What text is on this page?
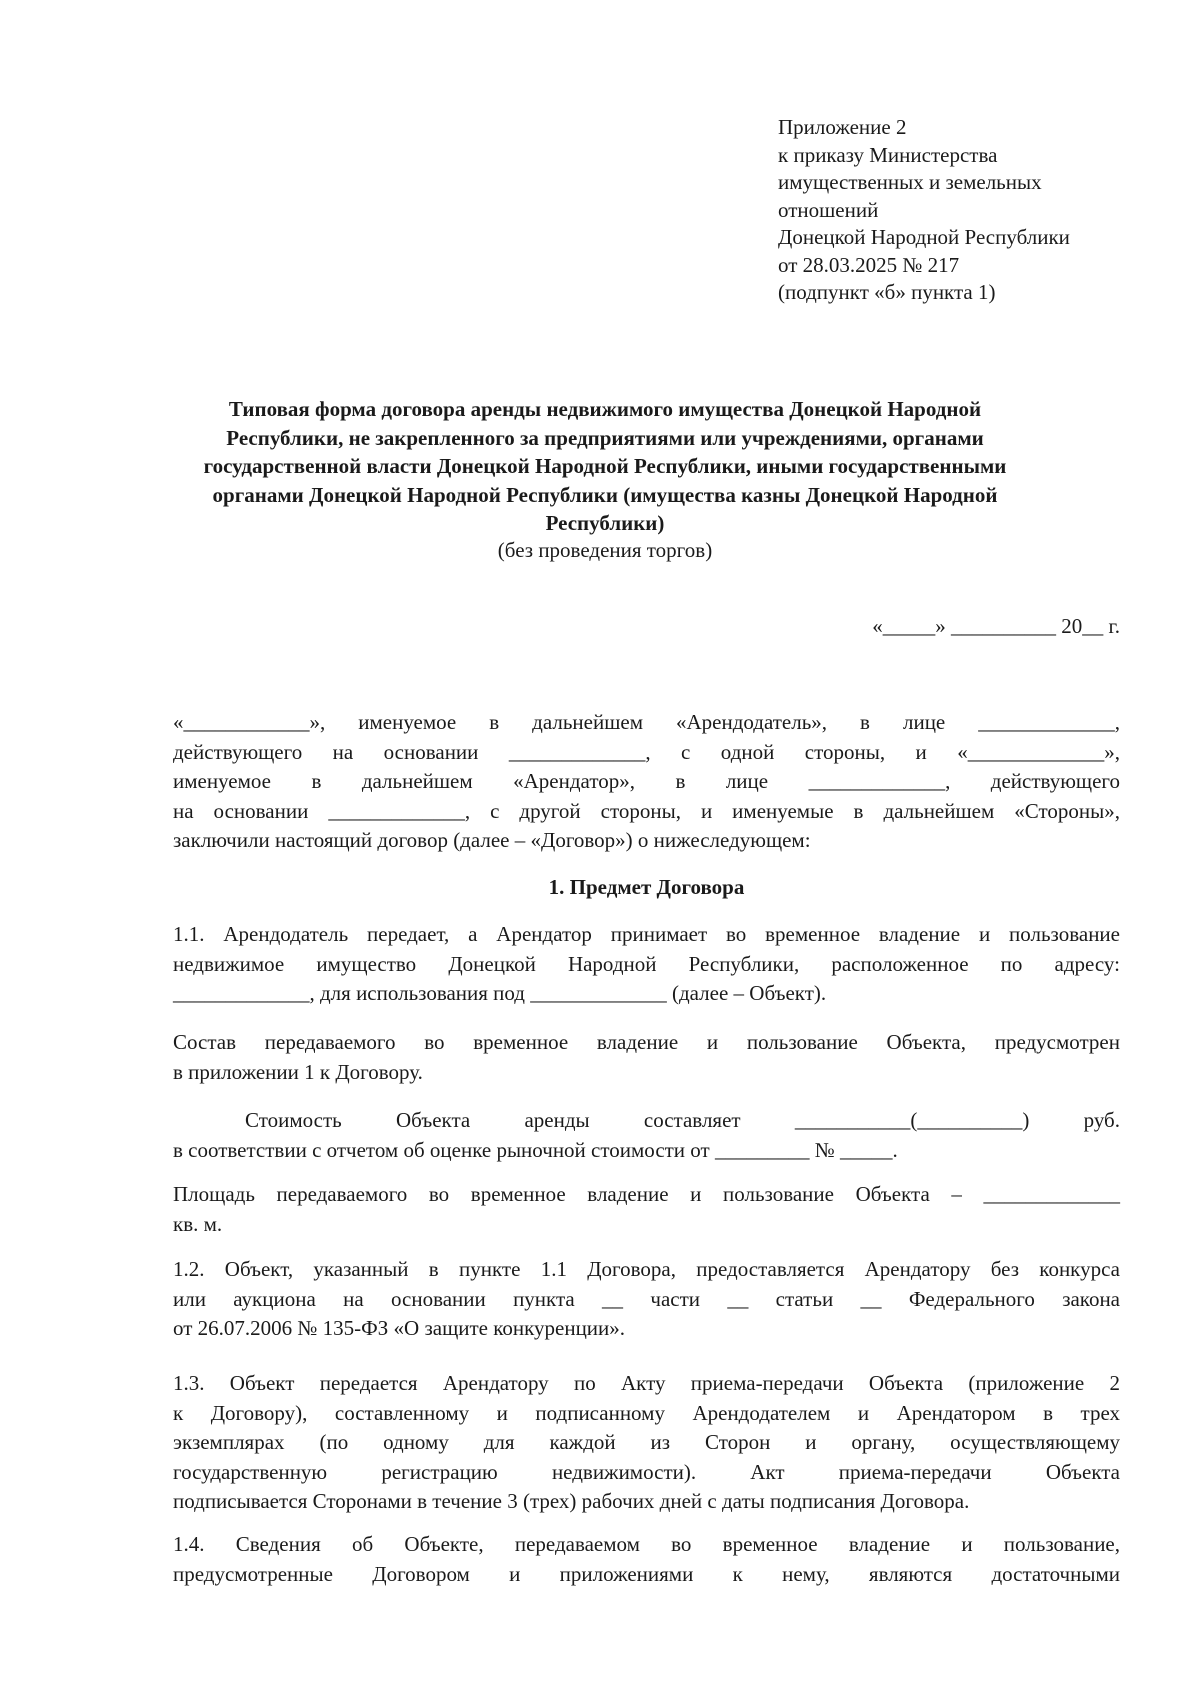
Приложение 2
к приказу Министерства
имущественных и земельных
отношений
Донецкой Народной Республики
от 28.03.2025 № 217
(подпункт «б» пункта 1)
Типовая форма договора аренды недвижимого имущества Донецкой Народной
Республики, не закрепленного за предприятиями или учреждениями, органами
государственной власти Донецкой Народной Республики, иными государственными
органами Донецкой Народной Республики (имущества казны Донецкой Народной
Республики)
(без проведения торгов)
«_____» __________ 20__ г.
«____________», именуемое в дальнейшем «Арендодатель», в лице _____________,
действующего на основании _____________, с одной стороны, и «_____________»,
именуемое в дальнейшем «Арендатор», в лице _____________, действующего
на основании _____________, с другой стороны, и именуемые в дальнейшем «Стороны»,
заключили настоящий договор (далее – «Договор») о нижеследующем:
1. Предмет Договора
1.1. Арендодатель передает, а Арендатор принимает во временное владение и пользование
недвижимое имущество Донецкой Народной Республики, расположенное по адресу:
_____________, для использования под _____________ (далее – Объект).
Состав передаваемого во временное владение и пользование Объекта, предусмотрен
в приложении 1 к Договору.
Стоимость	Объекта	аренды	составляет	___________(__________)	руб.
в соответствии с отчетом об оценке рыночной стоимости от _________ № _____.
Площадь передаваемого во временное владение и пользование Объекта – _____________
кв. м.
1.2. Объект, указанный в пункте 1.1 Договора, предоставляется Арендатору без конкурса
или аукциона на основании пункта __ части __ статьи __ Федерального закона
от 26.07.2006 № 135-ФЗ «О защите конкуренции».
1.3. Объект передается Арендатору по Акту приема-передачи Объекта (приложение 2
к Договору), составленному и подписанному Арендодателем и Арендатором в трех
экземплярах (по одному для каждой из Сторон и органу, осуществляющему
государственную регистрацию недвижимости). Акт приема-передачи Объекта
подписывается Сторонами в течение 3 (трех) рабочих дней с даты подписания Договора.
1.4. Сведения об Объекте, передаваемом во временное владение и пользование,
предусмотренные Договором и приложениями к нему, являются достаточными
